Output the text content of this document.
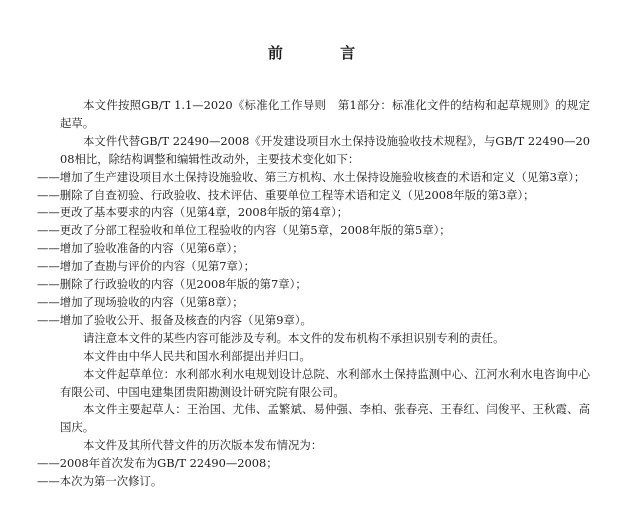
前 言

本文件按照GB/T 1.1—2020《标准化工作导则　第1部分：标准化文件的结构和起草规则》的规定起草。

本文件代替GB/T 22490—2008《开发建设项目水土保持设施验收技术规程》，与GB/T 22490—2008相比，除结构调整和编辑性改动外，主要技术变化如下：

——增加了生产建设项目水土保持设施验收、第三方机构、水土保持设施验收核查的术语和定义（见第3章）；

——删除了自查初验、行政验收、技术评估、重要单位工程等术语和定义（见2008年版的第3章）；

——更改了基本要求的内容（见第4章，2008年版的第4章）；

——更改了分部工程验收和单位工程验收的内容（见第5章，2008年版的第5章）；

——增加了验收准备的内容（见第6章）；

——增加了查勘与评价的内容（见第7章）；

——删除了行政验收的内容（见2008年版的第7章）；

——增加了现场验收的内容（见第8章）；

——增加了验收公开、报备及核查的内容（见第9章）。

请注意本文件的某些内容可能涉及专利。本文件的发布机构不承担识别专利的责任。

本文件由中华人民共和国水利部提出并归口。

本文件起草单位：水利部水利水电规划设计总院、水利部水土保持监测中心、江河水利水电咨询中心有限公司、中国电建集团贵阳勘测设计研究院有限公司。

本文件主要起草人：王治国、尤伟、孟繁斌、易仲强、李柏、张春亮、王春红、闫俊平、王秋霞、高国庆。

本文件及其所代替文件的历次版本发布情况为：

——2008年首次发布为GB/T 22490—2008；

——本次为第一次修订。
